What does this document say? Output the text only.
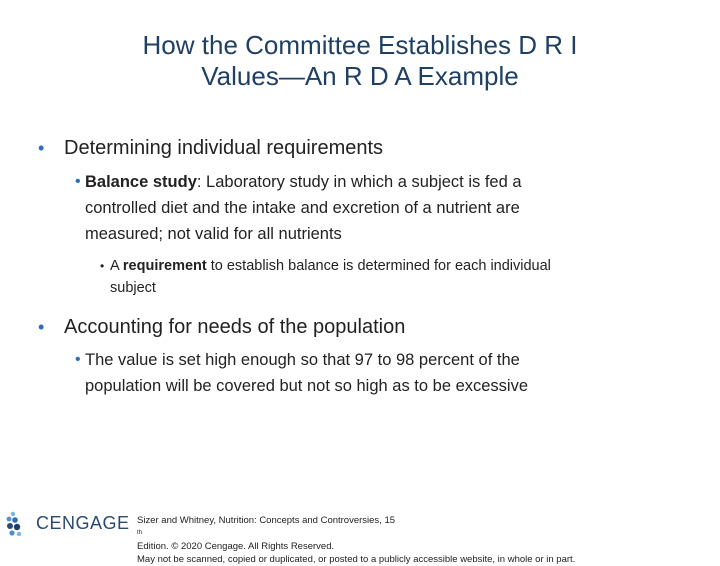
How the Committee Establishes D R I
Values—An R D A Example
• Determining individual requirements
• Balance study: Laboratory study in which a subject is fed a
controlled diet and the intake and excretion of a nutrient are
measured; not valid for all nutrients
• A requirement to establish balance is determined for each individual
subject
• Accounting for needs of the population
• The value is set high enough so that 97 to 98 percent of the
population will be covered but not so high as to be excessive
CENGAGE Sizer and Whitney, Nutrition: Concepts and Controversies, 15
th
Edition. © 2020 Cengage. All Rights Reserved.
May not be scanned, copied or duplicated, or posted to a publicly accessible website, in whole or in part.
